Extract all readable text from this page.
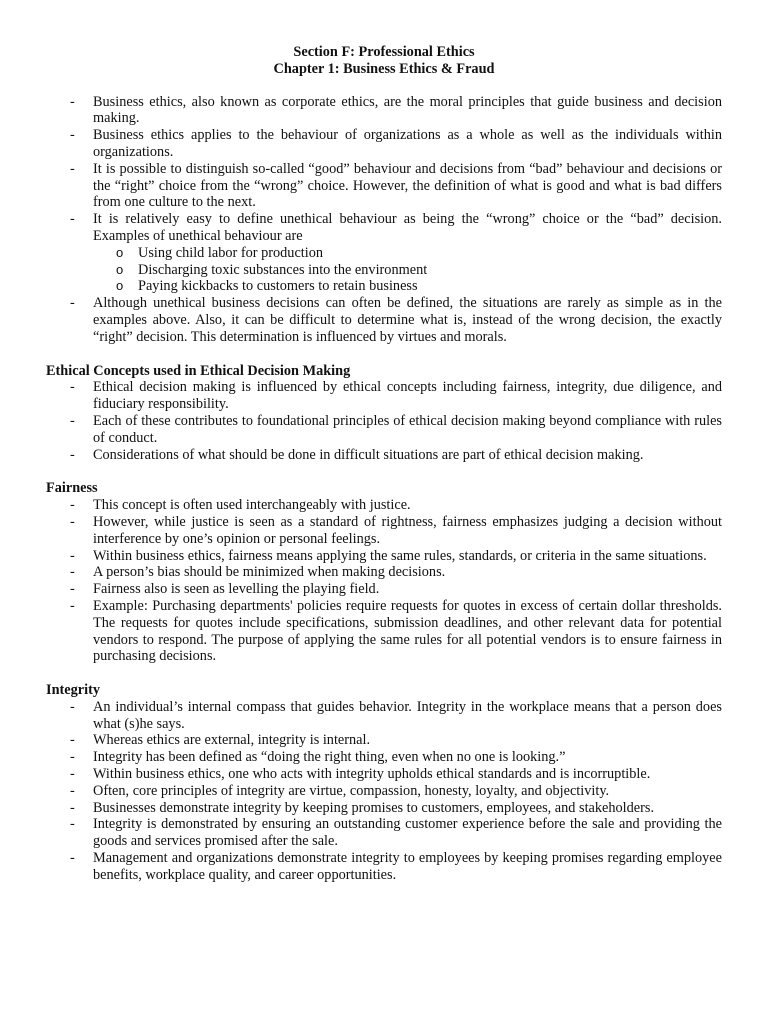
Section F: Professional Ethics

Chapter 1: Business Ethics & Fraud

- Business ethics, also known as corporate ethics, are the moral principles that guide business and decision making.
- Business ethics applies to the behaviour of organizations as a whole as well as the individuals within organizations.
- It is possible to distinguish so-called “good” behaviour and decisions from “bad” behaviour and decisions or the “right” choice from the “wrong” choice. However, the definition of what is good and what is bad differs from one culture to the next.
- It is relatively easy to define unethical behaviour as being the “wrong” choice or the “bad” decision. Examples of unethical behaviour are
o Using child labor for production
o Discharging toxic substances into the environment
o Paying kickbacks to customers to retain business
- Although unethical business decisions can often be defined, the situations are rarely as simple as in the examples above. Also, it can be difficult to determine what is, instead of the wrong decision, the exactly “right” decision. This determination is influenced by virtues and morals.

Ethical Concepts used in Ethical Decision Making

- Ethical decision making is influenced by ethical concepts including fairness, integrity, due diligence, and fiduciary responsibility.
- Each of these contributes to foundational principles of ethical decision making beyond compliance with rules of conduct.
- Considerations of what should be done in difficult situations are part of ethical decision making.

Fairness

- This concept is often used interchangeably with justice.
- However, while justice is seen as a standard of rightness, fairness emphasizes judging a decision without interference by one’s opinion or personal feelings.
- Within business ethics, fairness means applying the same rules, standards, or criteria in the same situations.
- A person’s bias should be minimized when making decisions.
- Fairness also is seen as levelling the playing field.
- Example: Purchasing departments' policies require requests for quotes in excess of certain dollar thresholds. The requests for quotes include specifications, submission deadlines, and other relevant data for potential vendors to respond. The purpose of applying the same rules for all potential vendors is to ensure fairness in purchasing decisions.

Integrity

- An individual’s internal compass that guides behavior. Integrity in the workplace means that a person does what (s)he says.
- Whereas ethics are external, integrity is internal.
- Integrity has been defined as “doing the right thing, even when no one is looking.”
- Within business ethics, one who acts with integrity upholds ethical standards and is incorruptible.
- Often, core principles of integrity are virtue, compassion, honesty, loyalty, and objectivity.
- Businesses demonstrate integrity by keeping promises to customers, employees, and stakeholders.
- Integrity is demonstrated by ensuring an outstanding customer experience before the sale and providing the goods and services promised after the sale.
- Management and organizations demonstrate integrity to employees by keeping promises regarding employee benefits, workplace quality, and career opportunities.
